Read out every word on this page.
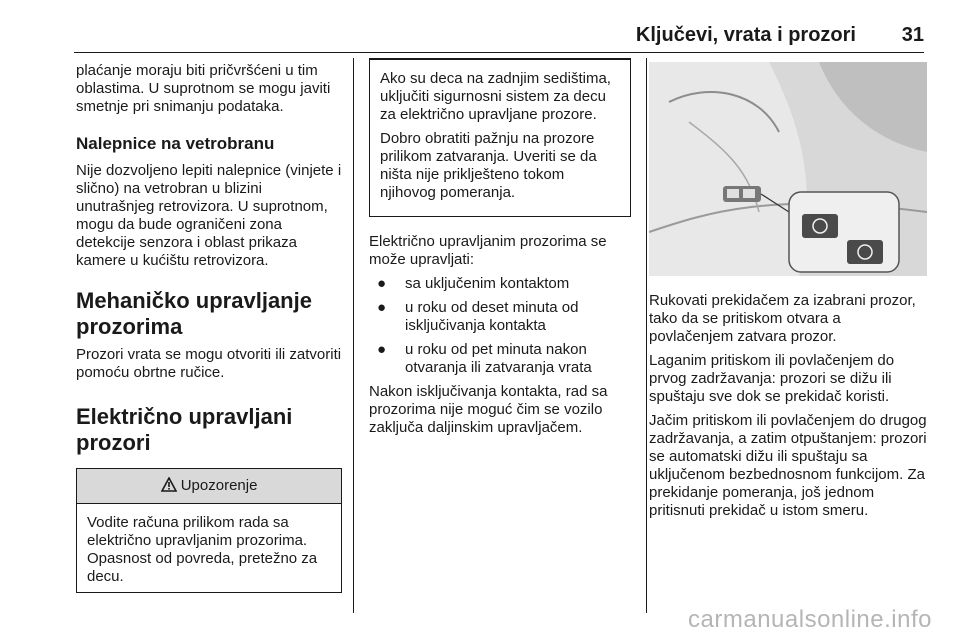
Ključevi, vrata i prozori 31

plaćanje moraju biti pričvršćeni u tim oblastima. U suprotnom se mogu javiti smetnje pri snimanju podataka.

Nalepnice na vetrobranu

Nije dozvoljeno lepiti nalepnice (vinjete i slično) na vetrobran u blizini unutrašnjeg retrovizora. U suprotnom, mogu da bude ograničeni zona detekcije senzora i oblast prikaza kamere u kućištu retrovizora.

Mehaničko upravljanje prozorima

Prozori vrata se mogu otvoriti ili zatvoriti pomoću obrtne ručice.

Električno upravljani prozori
Upozorenje
Vodite računa prilikom rada sa električno upravljanim prozorima. Opasnost od povreda, pretežno za decu.

Ako su deca na zadnjim sedištima, uključiti sigurnosni sistem za decu za električno upravljane prozore.

Dobro obratiti pažnju na prozore prilikom zatvaranja. Uveriti se da ništa nije priklješteno tokom njihovog pomeranja.

Električno upravljanim prozorima se može upravljati:

● sa uključenim kontaktom
● u roku od deset minuta od isključivanja kontakta
● u roku od pet minuta nakon otvaranja ili zatvaranja vrata

Nakon isključivanja kontakta, rad sa prozorima nije moguć čim se vozilo zaključa daljinskim upravljačem.

Rukovati prekidačem za izabrani prozor, tako da se pritiskom otvara a povlačenjem zatvara prozor.

Laganim pritiskom ili povlačenjem do prvog zadržavanja: prozori se dižu ili spuštaju sve dok se prekidač koristi.

Jačim pritiskom ili povlačenjem do drugog zadržavanja, a zatim otpuštanjem: prozori se automatski dižu ili spuštaju sa uključenom bezbednosnom funkcijom. Za prekidanje pomeranja, još jednom pritisnuti prekidač u istom smeru.

carmanualsonline.info
